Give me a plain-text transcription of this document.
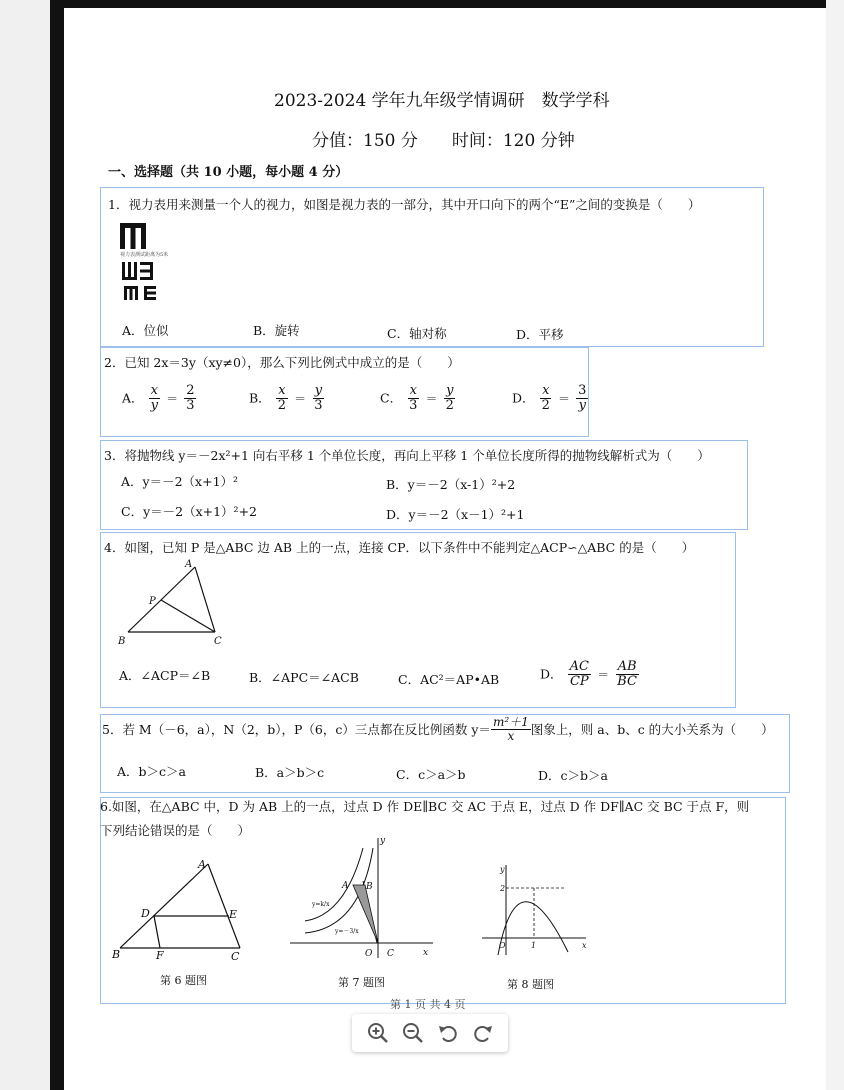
2023-2024 学年九年级学情调研　数学学科
分值：150 分　　时间：120 分钟
一、选择题（共 10 小题，每小题 4 分）
1．视力表用来测量一个人的视力，如图是视力表的一部分，其中开口向下的两个“E”之间的变换是（　　）
视力表测试距离为5米
A．位似	B．旋转	C．轴对称	D．平移
2．已知 2x＝3y（xy≠0），那么下列比例式中成立的是（　　）
A． $\frac{x}{y} = \frac{2}{3}$	B． $\frac{x}{2} = \frac{y}{3}$	C． $\frac{x}{3} = \frac{y}{2}$	D． $\frac{x}{2} = \frac{3}{y}$
3．将抛物线 y＝－2x²+1 向右平移 1 个单位长度，再向上平移 1 个单位长度所得的抛物线解析式为（　　）
A．y＝－2（x+1）²	B．y＝－2（x-1）²+2
C．y＝－2（x+1）²+2	D．y＝－2（x－1）²+1
4．如图，已知 P 是△ABC 边 AB 上的一点，连接 CP．以下条件中不能判定△ACP∽△ABC 的是（　　）
A
B	C
P
A．∠ACP＝∠B	B．∠APC＝∠ACB	C．AC²＝AP•AB	D． $\frac{AC}{CP} = \frac{AB}{BC}$
5．若 M（－6，a），N（2，b），P（6，c）三点都在反比例函数 $y= \frac{\text{m²＋1}}{x}$ 图象上，则 a、b、c 的大小关系为（　　）
A．b＞c＞a	B．a＞b＞c	C．c＞a＞b	D．c＞b＞a
6.如图，在△ABC 中，D 为 AB 上的一点，过点 D 作 DE∥BC 交 AC 于点 E，过点 D 作 DF∥AC 交 BC 于点 F，则
下列结论错误的是（　　）
A
B	C
D	E
F
第 6 题图
y
x
O
A B
C
y=k/x
y=－3/x
第 7 题图
y
x
O
2
1
第 8 题图
第 1 页 共 4 页
